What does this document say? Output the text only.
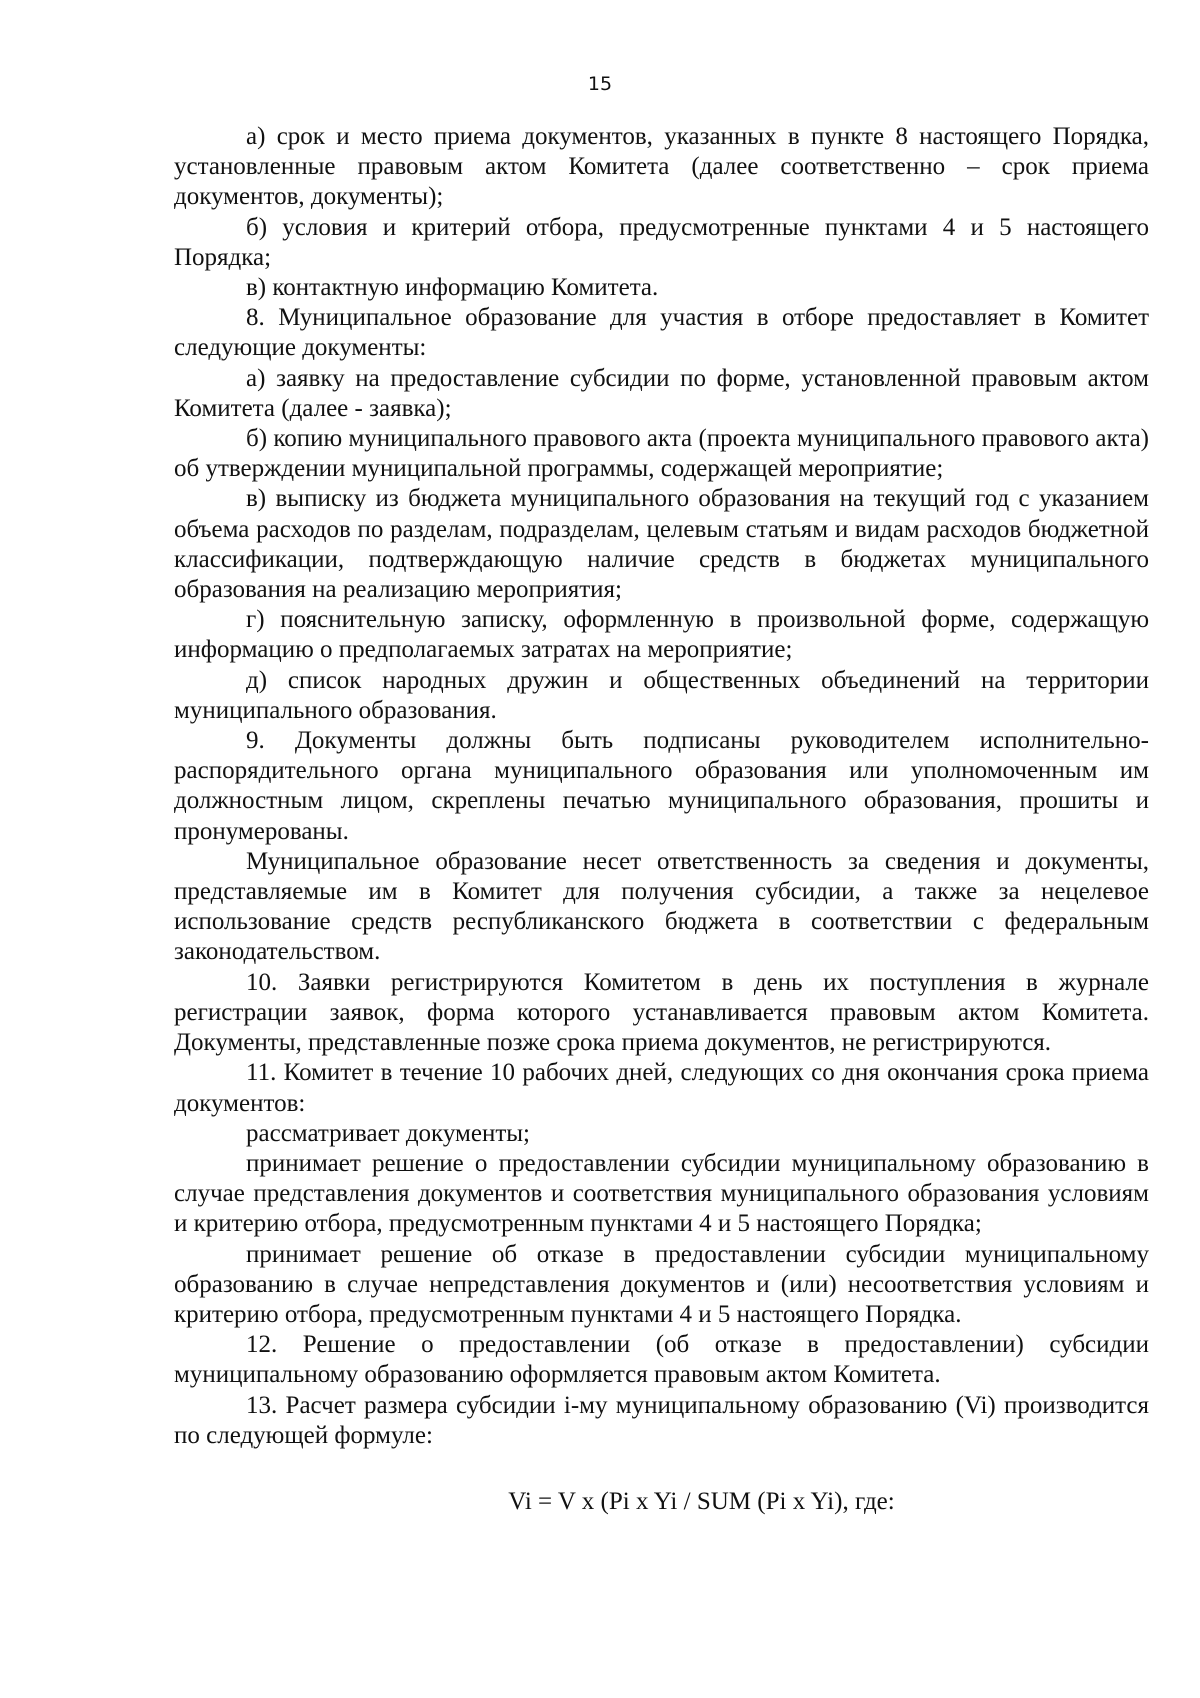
15

а) срок и место приема документов, указанных в пункте 8 настоящего Порядка, установленные правовым актом Комитета (далее соответственно – срок приема документов, документы);

б) условия и критерий отбора, предусмотренные пунктами 4 и 5 настоящего Порядка;

в) контактную информацию Комитета.

8. Муниципальное образование для участия в отборе предоставляет в Комитет следующие документы:

а) заявку на предоставление субсидии по форме, установленной правовым актом Комитета (далее - заявка);

б) копию муниципального правового акта (проекта муниципального правового акта) об утверждении муниципальной программы, содержащей мероприятие;

в) выписку из бюджета муниципального образования на текущий год с указанием объема расходов по разделам, подразделам, целевым статьям и видам расходов бюджетной классификации, подтверждающую наличие средств в бюджетах муниципального образования на реализацию мероприятия;

г) пояснительную записку, оформленную в произвольной форме, содержащую информацию о предполагаемых затратах на мероприятие;

д) список народных дружин и общественных объединений на территории муниципального образования.

9. Документы должны быть подписаны руководителем исполнительно-распорядительного органа муниципального образования или уполномоченным им должностным лицом, скреплены печатью муниципального образования, прошиты и пронумерованы.

Муниципальное образование несет ответственность за сведения и документы, представляемые им в Комитет для получения субсидии, а также за нецелевое использование средств республиканского бюджета в соответствии с федеральным законодательством.

10. Заявки регистрируются Комитетом в день их поступления в журнале регистрации заявок, форма которого устанавливается правовым актом Комитета. Документы, представленные позже срока приема документов, не регистрируются.

11. Комитет в течение 10 рабочих дней, следующих со дня окончания срока приема документов:

рассматривает документы;

принимает решение о предоставлении субсидии муниципальному образованию в случае представления документов и соответствия муниципального образования условиям и критерию отбора, предусмотренным пунктами 4 и 5 настоящего Порядка;

принимает решение об отказе в предоставлении субсидии муниципальному образованию в случае непредставления документов и (или) несоответствия условиям и критерию отбора, предусмотренным пунктами 4 и 5 настоящего Порядка.

12. Решение о предоставлении (об отказе в предоставлении) субсидии муниципальному образованию оформляется правовым актом Комитета.

13. Расчет размера субсидии i-му муниципальному образованию (Vi) производится по следующей формуле:

Vi = V x (Pi x Yi / SUM (Pi x Yi), где:
